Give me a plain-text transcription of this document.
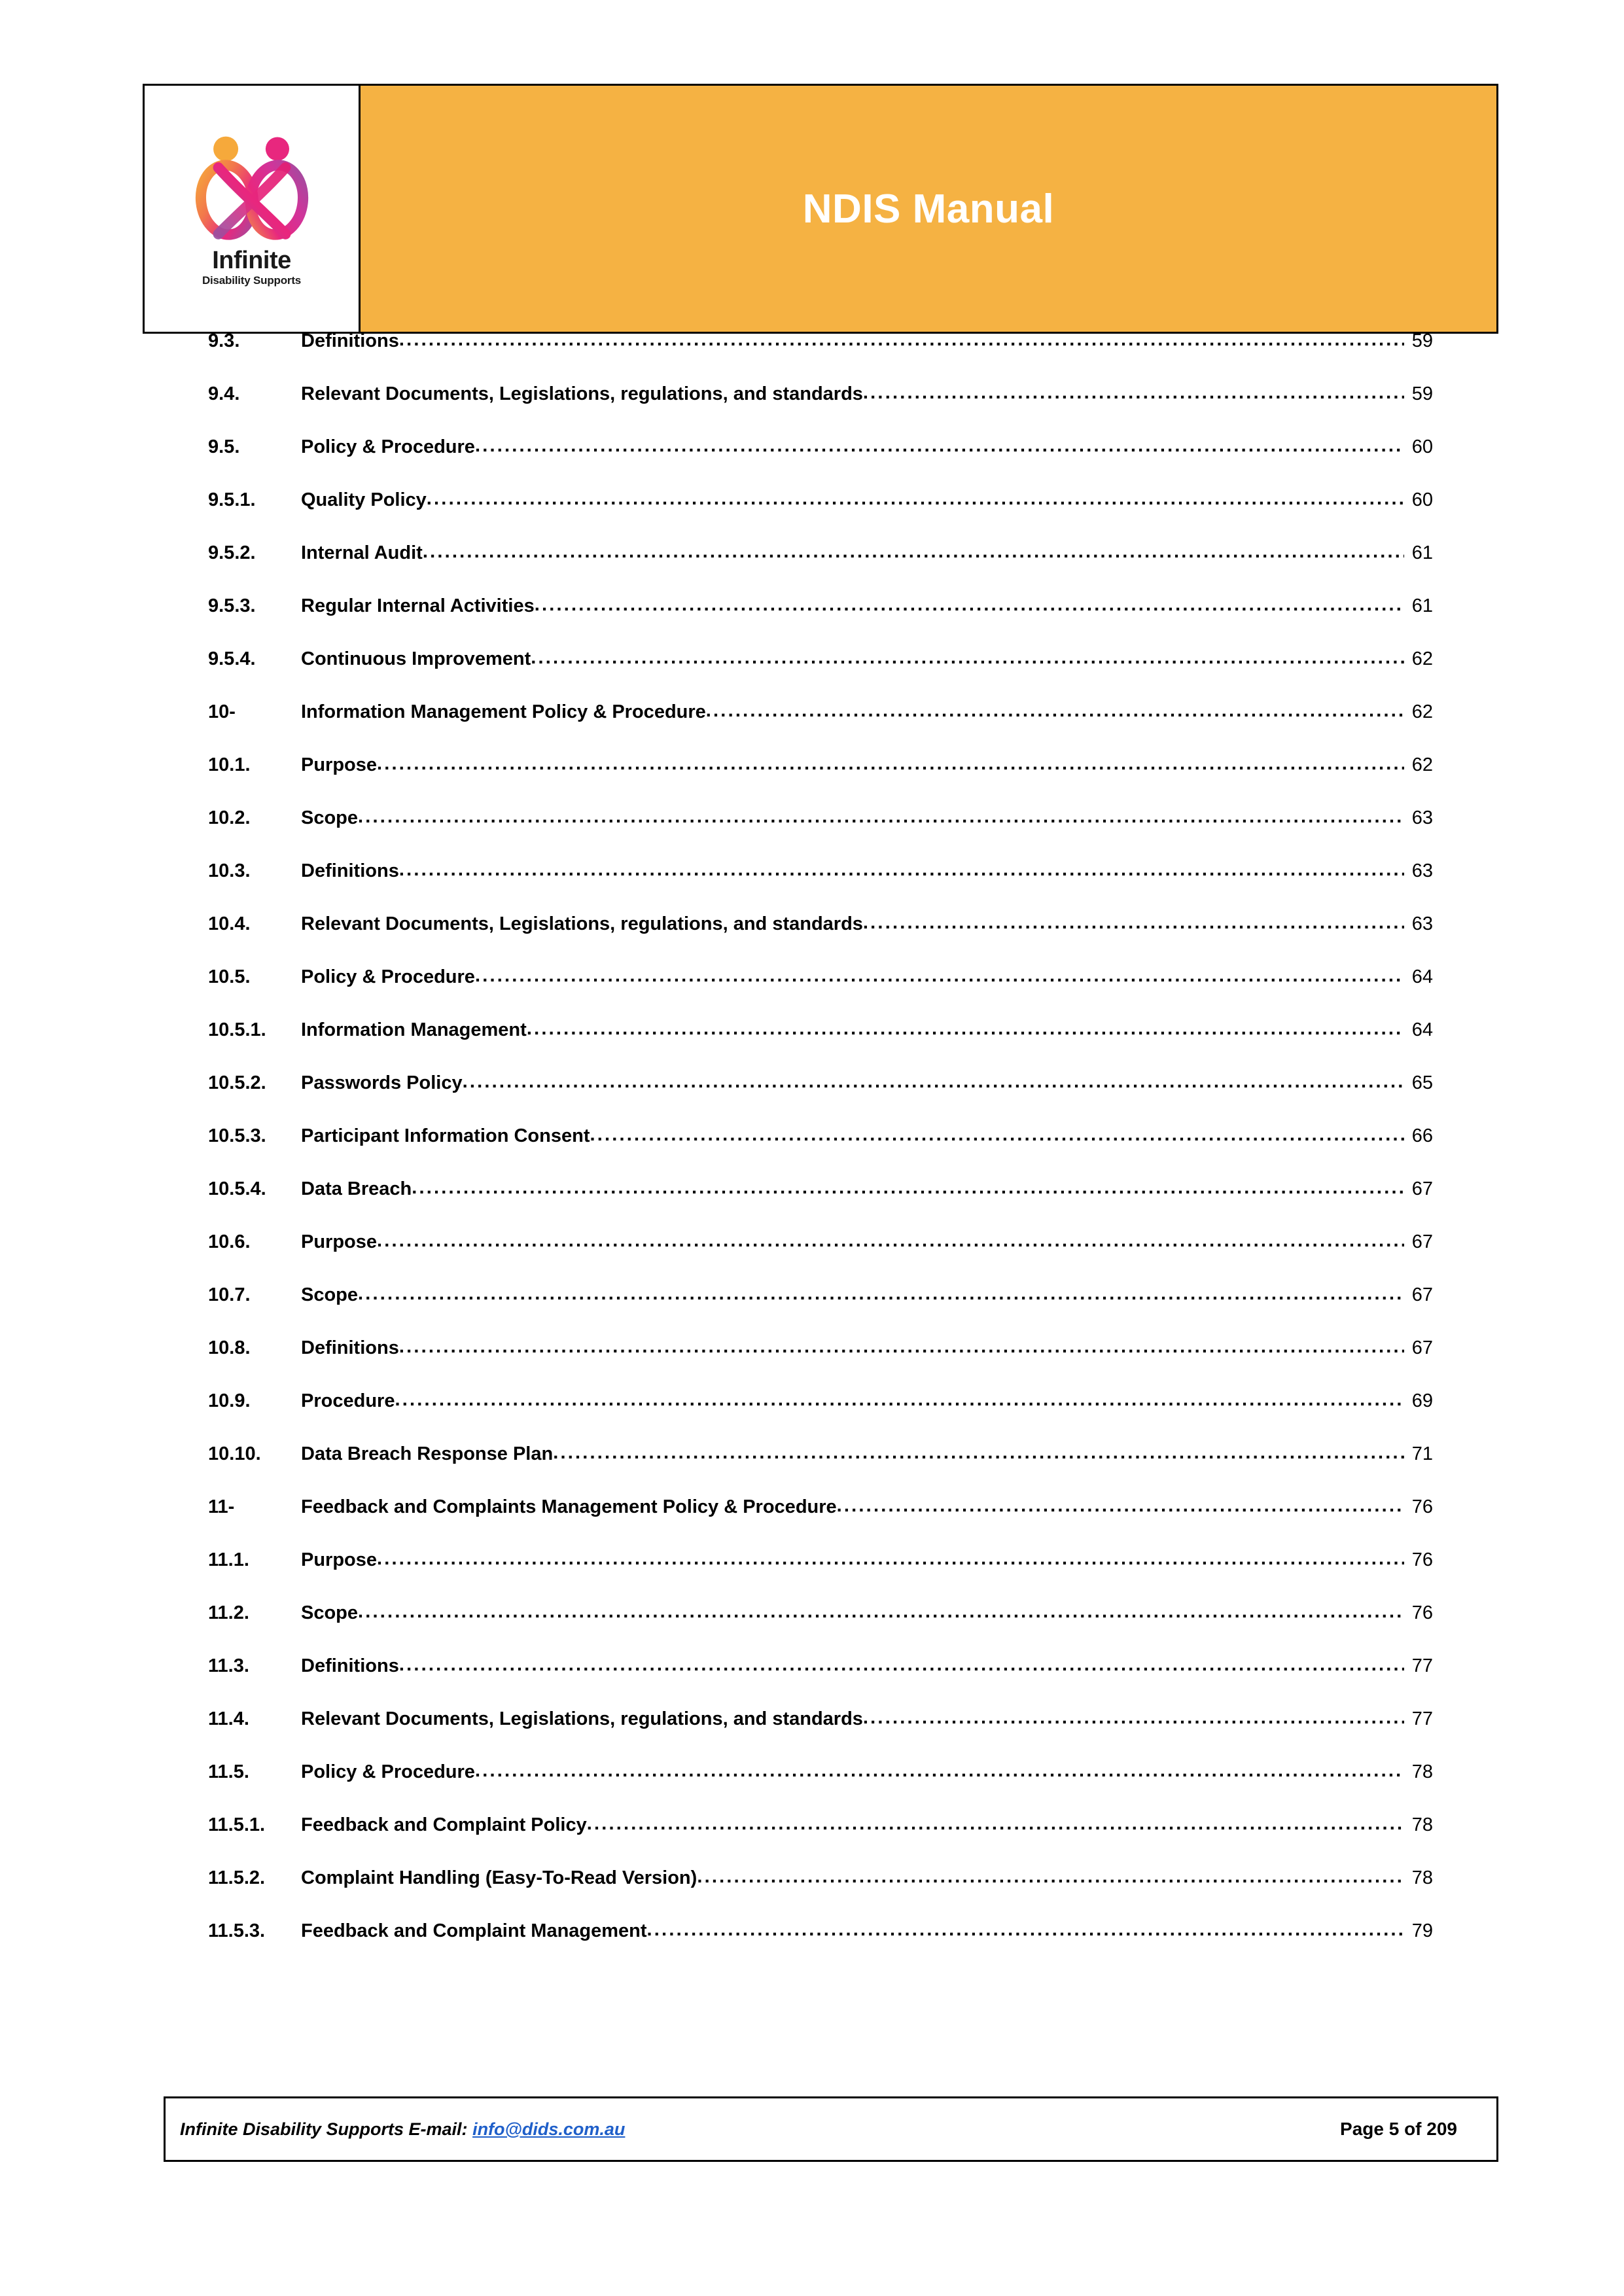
Infinite
Disability Supports
NDIS Manual
9.3.	Definitions .....	59
9.4.	Relevant Documents, Legislations, regulations, and standards .....	59
9.5.	Policy & Procedure .....	60
9.5.1.	Quality Policy .....	60
9.5.2.	Internal Audit .....	61
9.5.3.	Regular Internal Activities .....	61
9.5.4.	Continuous Improvement .....	62
10-	Information Management Policy & Procedure .....	62
10.1.	Purpose .....	62
10.2.	Scope .....	63
10.3.	Definitions .....	63
10.4.	Relevant Documents, Legislations, regulations, and standards .....	63
10.5.	Policy & Procedure .....	64
10.5.1.	Information Management .....	64
10.5.2.	Passwords Policy .....	65
10.5.3.	Participant Information Consent .....	66
10.5.4.	Data Breach .....	67
10.6.	Purpose .....	67
10.7.	Scope .....	67
10.8.	Definitions .....	67
10.9.	Procedure .....	69
10.10.	Data Breach Response Plan .....	71
11-	Feedback and Complaints Management Policy & Procedure .....	76
11.1.	Purpose .....	76
11.2.	Scope .....	76
11.3.	Definitions .....	77
11.4.	Relevant Documents, Legislations, regulations, and standards .....	77
11.5.	Policy & Procedure .....	78
11.5.1.	Feedback and Complaint Policy .....	78
11.5.2.	Complaint Handling (Easy-To-Read Version) .....	78
11.5.3.	Feedback and Complaint Management .....	79
Infinite Disability Supports E-mail: info@dids.com.au	Page 5 of 209
